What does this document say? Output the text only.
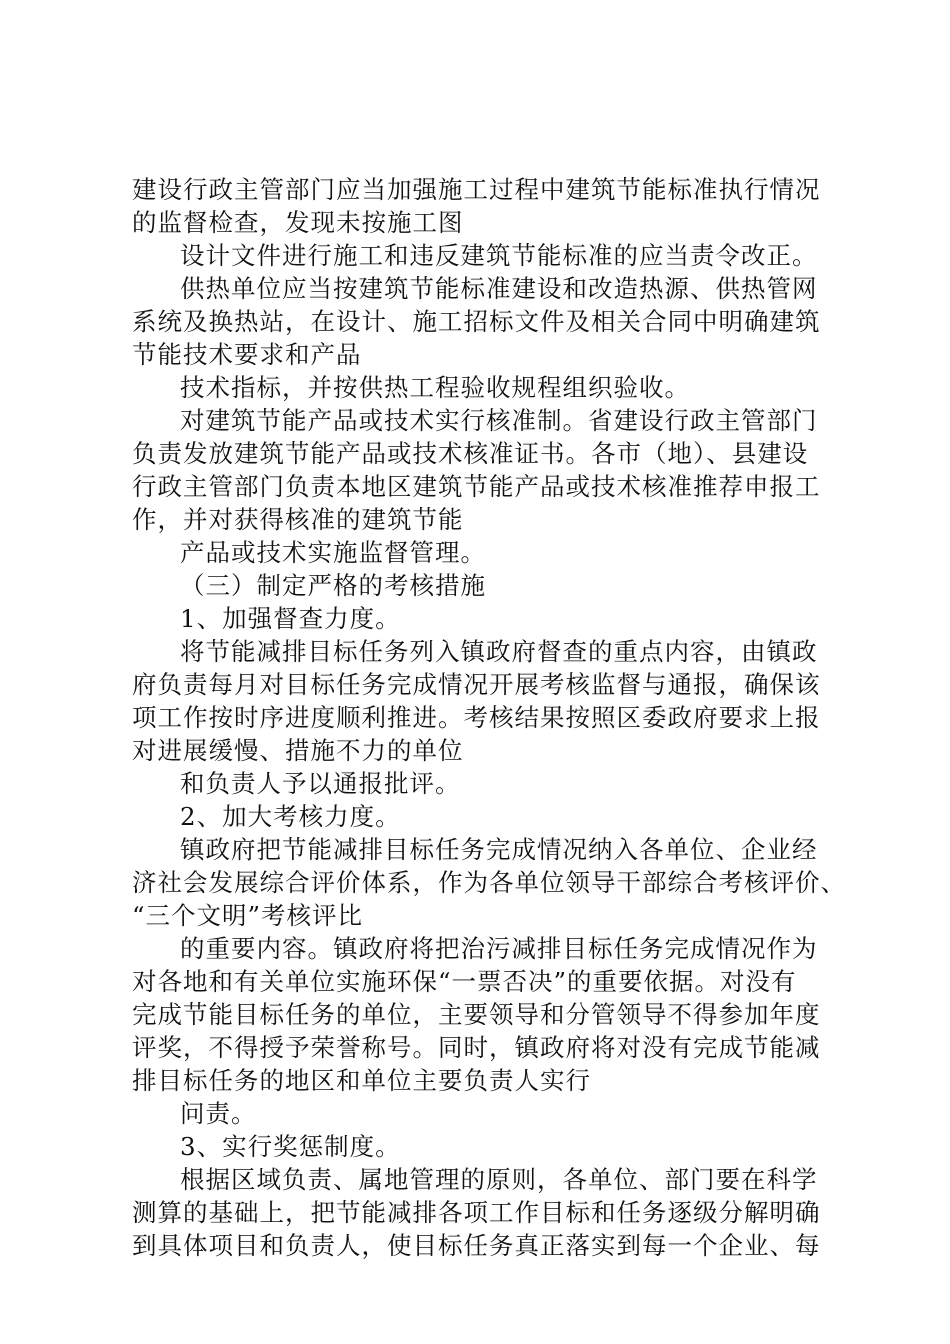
建设行政主管部门应当加强施工过程中建筑节能标准执行情况
的监督检查，发现未按施工图
设计文件进行施工和违反建筑节能标准的应当责令改正。
供热单位应当按建筑节能标准建设和改造热源、供热管网
系统及换热站，在设计、施工招标文件及相关合同中明确建筑
节能技术要求和产品
技术指标，并按供热工程验收规程组织验收。
对建筑节能产品或技术实行核准制。省建设行政主管部门
负责发放建筑节能产品或技术核准证书。各市（地）、县建设
行政主管部门负责本地区建筑节能产品或技术核准推荐申报工
作，并对获得核准的建筑节能
产品或技术实施监督管理。
（三）制定严格的考核措施
1、加强督查力度。
将节能减排目标任务列入镇政府督查的重点内容，由镇政
府负责每月对目标任务完成情况开展考核监督与通报，确保该
项工作按时序进度顺利推进。考核结果按照区委政府要求上报
对进展缓慢、措施不力的单位
和负责人予以通报批评。
2、加大考核力度。
镇政府把节能减排目标任务完成情况纳入各单位、企业经
济社会发展综合评价体系，作为各单位领导干部综合考核评价、
“三个文明”考核评比
的重要内容。镇政府将把治污减排目标任务完成情况作为
对各地和有关单位实施环保“一票否决”的重要依据。对没有
完成节能目标任务的单位，主要领导和分管领导不得参加年度
评奖，不得授予荣誉称号。同时，镇政府将对没有完成节能减
排目标任务的地区和单位主要负责人实行
问责。
3、实行奖惩制度。
根据区域负责、属地管理的原则，各单位、部门要在科学
测算的基础上，把节能减排各项工作目标和任务逐级分解明确
到具体项目和负责人，使目标任务真正落实到每一个企业、每
